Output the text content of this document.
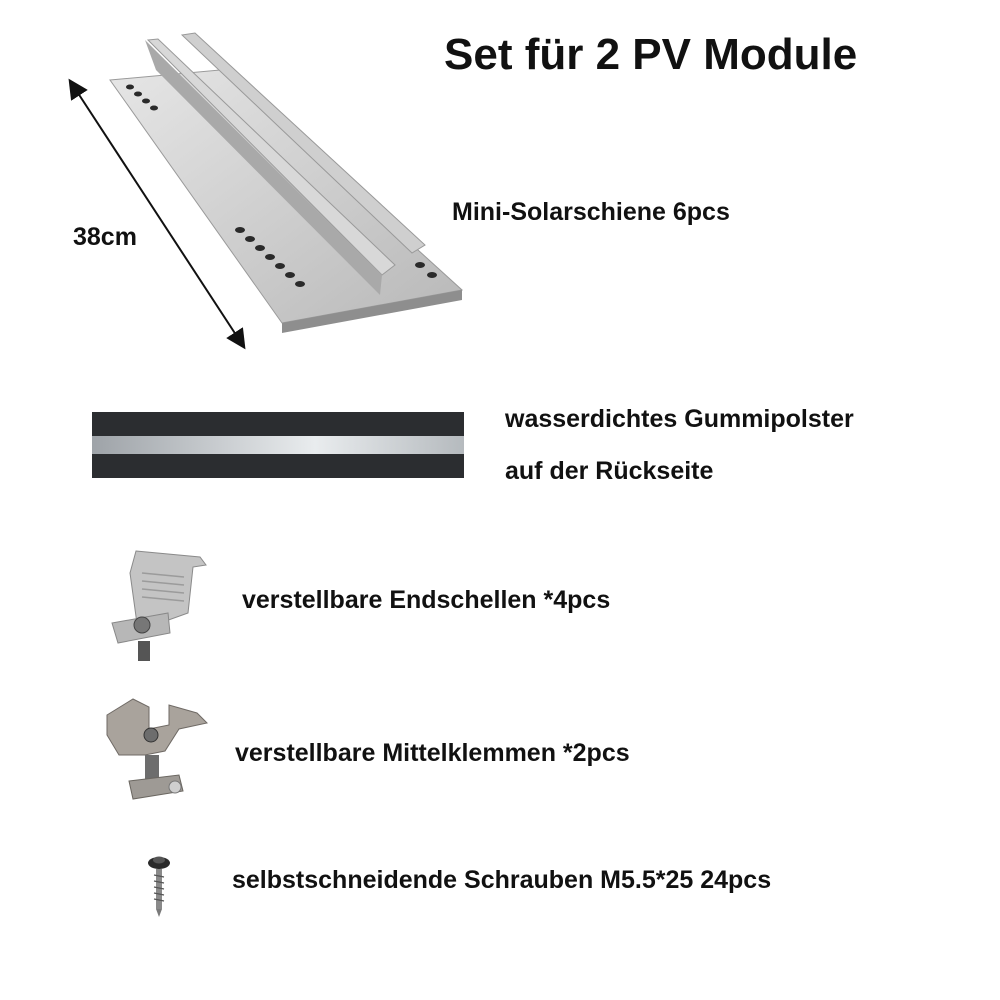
Set für 2 PV Module
38cm
Mini-Solarschiene 6pcs
wasserdichtes Gummipolster
auf der Rückseite
verstellbare Endschellen *4pcs
verstellbare Mittelklemmen *2pcs
selbstschneidende Schrauben M5.5*25 24pcs
